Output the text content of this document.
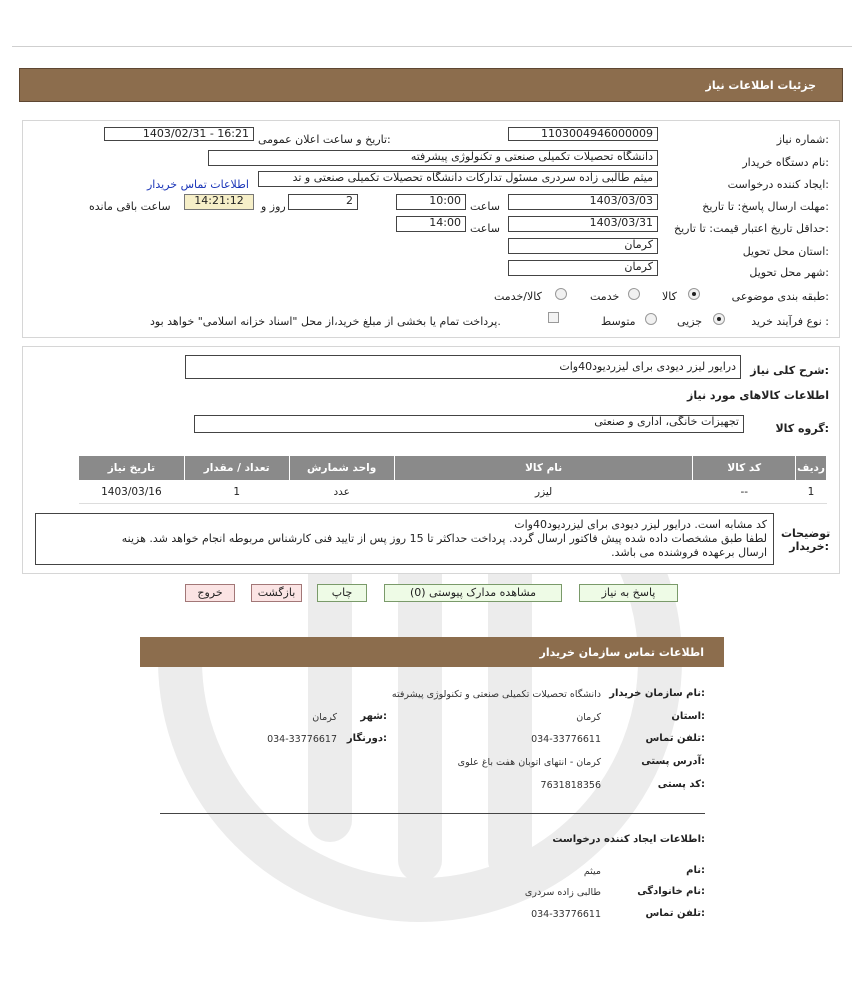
جزئیات اطلاعات نیاز
شماره نیاز:
1103004946000009
تاریخ و ساعت اعلان عمومی:
1403/02/31 - 16:21
نام دستگاه خریدار:
دانشگاه تحصیلات تکمیلی صنعتی و تکنولوژی پیشرفته
ایجاد کننده درخواست:
میثم طالبی زاده سردری مسئول تدارکات دانشگاه تحصیلات تکمیلی صنعتی و تد
اطلاعات تماس خریدار
مهلت ارسال پاسخ: تا تاریخ:
1403/03/03
ساعت
10:00
2
روز و
14:21:12
ساعت باقی مانده
حداقل تاریخ اعتبار قیمت: تا تاریخ:
1403/03/31
ساعت
14:00
استان محل تحویل:
کرمان
شهر محل تحویل:
کرمان
طبقه بندی موضوعی:
کالا
خدمت
کالا/خدمت
نوع فرآیند خرید :
جزیی
متوسط
پرداخت تمام یا بخشی از مبلغ خرید،از محل "اسناد خزانه اسلامی" خواهد بود.
شرح کلی نیاز:
درایور لیزر دیودی برای لیزر‌دیود40وات
اطلاعات کالاهای مورد نیاز
گروه کالا:
تجهیزات خانگی، اداری و صنعتی
ردیف	کد کالا	نام کالا	واحد شمارش	تعداد / مقدار	تاریخ نیاز
1	--	لیزر	عدد	1	1403/03/16
توضیحات خریدار:
کد مشابه است. درایور لیزر دیودی برای لیزر‌دیود40وات
لطفا طبق مشخصات داده شده پیش فاکتور ارسال گردد. پرداخت حداکثر تا 15 روز پس از تایید فنی کارشناس مربوطه انجام خواهد شد. هزینه
ارسال برعهده فروشنده می باشد.
پاسخ به نیاز
مشاهده مدارک پیوستی (0)
چاپ
بازگشت
خروج
اطلاعات تماس سازمان خریدار
نام سازمان خریدار:
دانشگاه تحصیلات تکمیلی صنعتی و تکنولوژی پیشرفته
استان:
کرمان
شهر:
کرمان
تلفن تماس:
034-33776611
دورنگار:
034-33776617
آدرس پستی:
کرمان - انتهای اتوبان هفت باغ علوی
کد پستی:
7631818356
اطلاعات ایجاد کننده درخواست:
نام:
میثم
نام خانوادگی:
طالبی زاده سردری
تلفن تماس:
034-33776611
